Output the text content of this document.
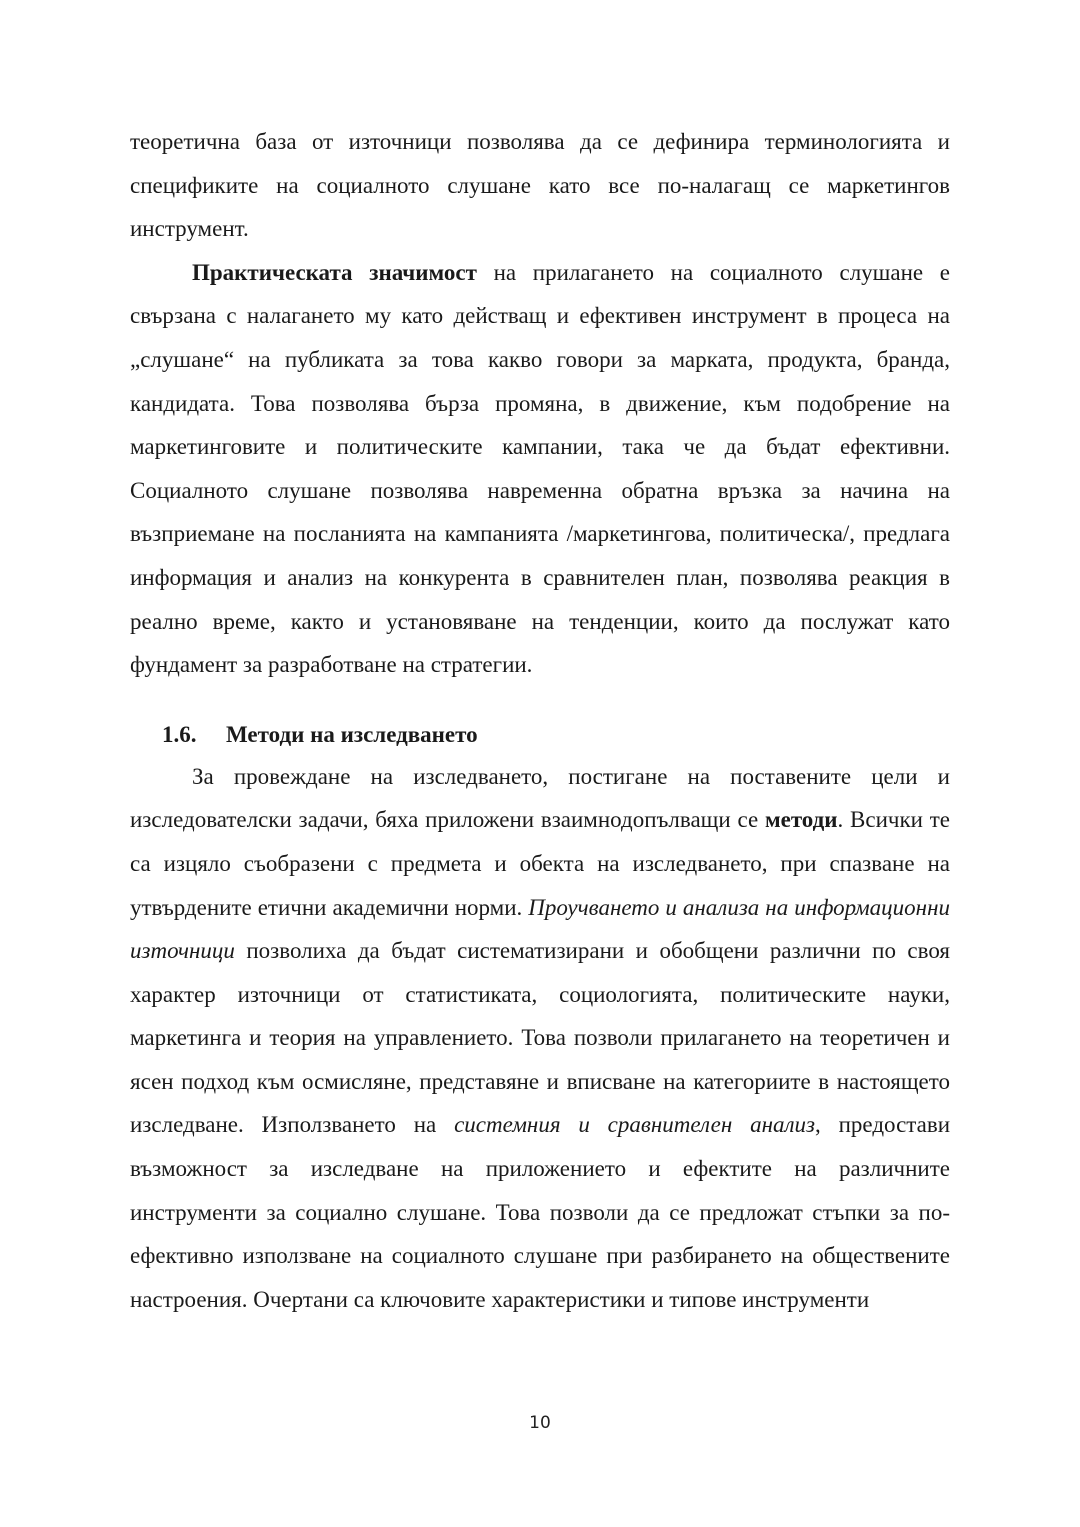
теоретична база от източници позволява да се дефинира терминологията и спецификите на социалното слушане като все по-налагащ се маркетингов инструмент.

Практическата значимост на прилагането на социалното слушане е свързана с налагането му като действащ и ефективен инструмент в процеса на „слушане“ на публиката за това какво говори за марката, продукта, бранда, кандидата. Това позволява бърза промяна, в движение, към подобрение на маркетинговите и политическите кампании, така че да бъдат ефективни. Социалното слушане позволява навременна обратна връзка за начина на възприемане на посланията на кампанията /маркетингова, политическа/, предлага информация и анализ на конкурента в сравнителен план, позволява реакция в реално време, както и установяване на тенденции, които да послужат като фундамент за разработване на стратегии.

1.6.	Методи на изследването

За провеждане на изследването, постигане на поставените цели и изследователски задачи, бяха приложени взаимнодопълващи се методи. Всички те са изцяло съобразени с предмета и обекта на изследването, при спазване на утвърдените етични академични норми. Проучването и анализа на информационни източници позволиха да бъдат систематизирани и обобщени различни по своя характер източници от статистиката, социологията, политическите науки, маркетинга и теория на управлението. Това позволи прилагането на теоретичен и ясен подход към осмисляне, представяне и вписване на категориите в настоящето изследване. Използването на системния и сравнителен анализ, предостави възможност за изследване на приложението и ефектите на различните инструменти за социално слушане. Това позволи да се предложат стъпки за по-ефективно използване на социалното слушане при разбирането на обществените настроения. Очертани са ключовите характеристики и типове инструменти

10
